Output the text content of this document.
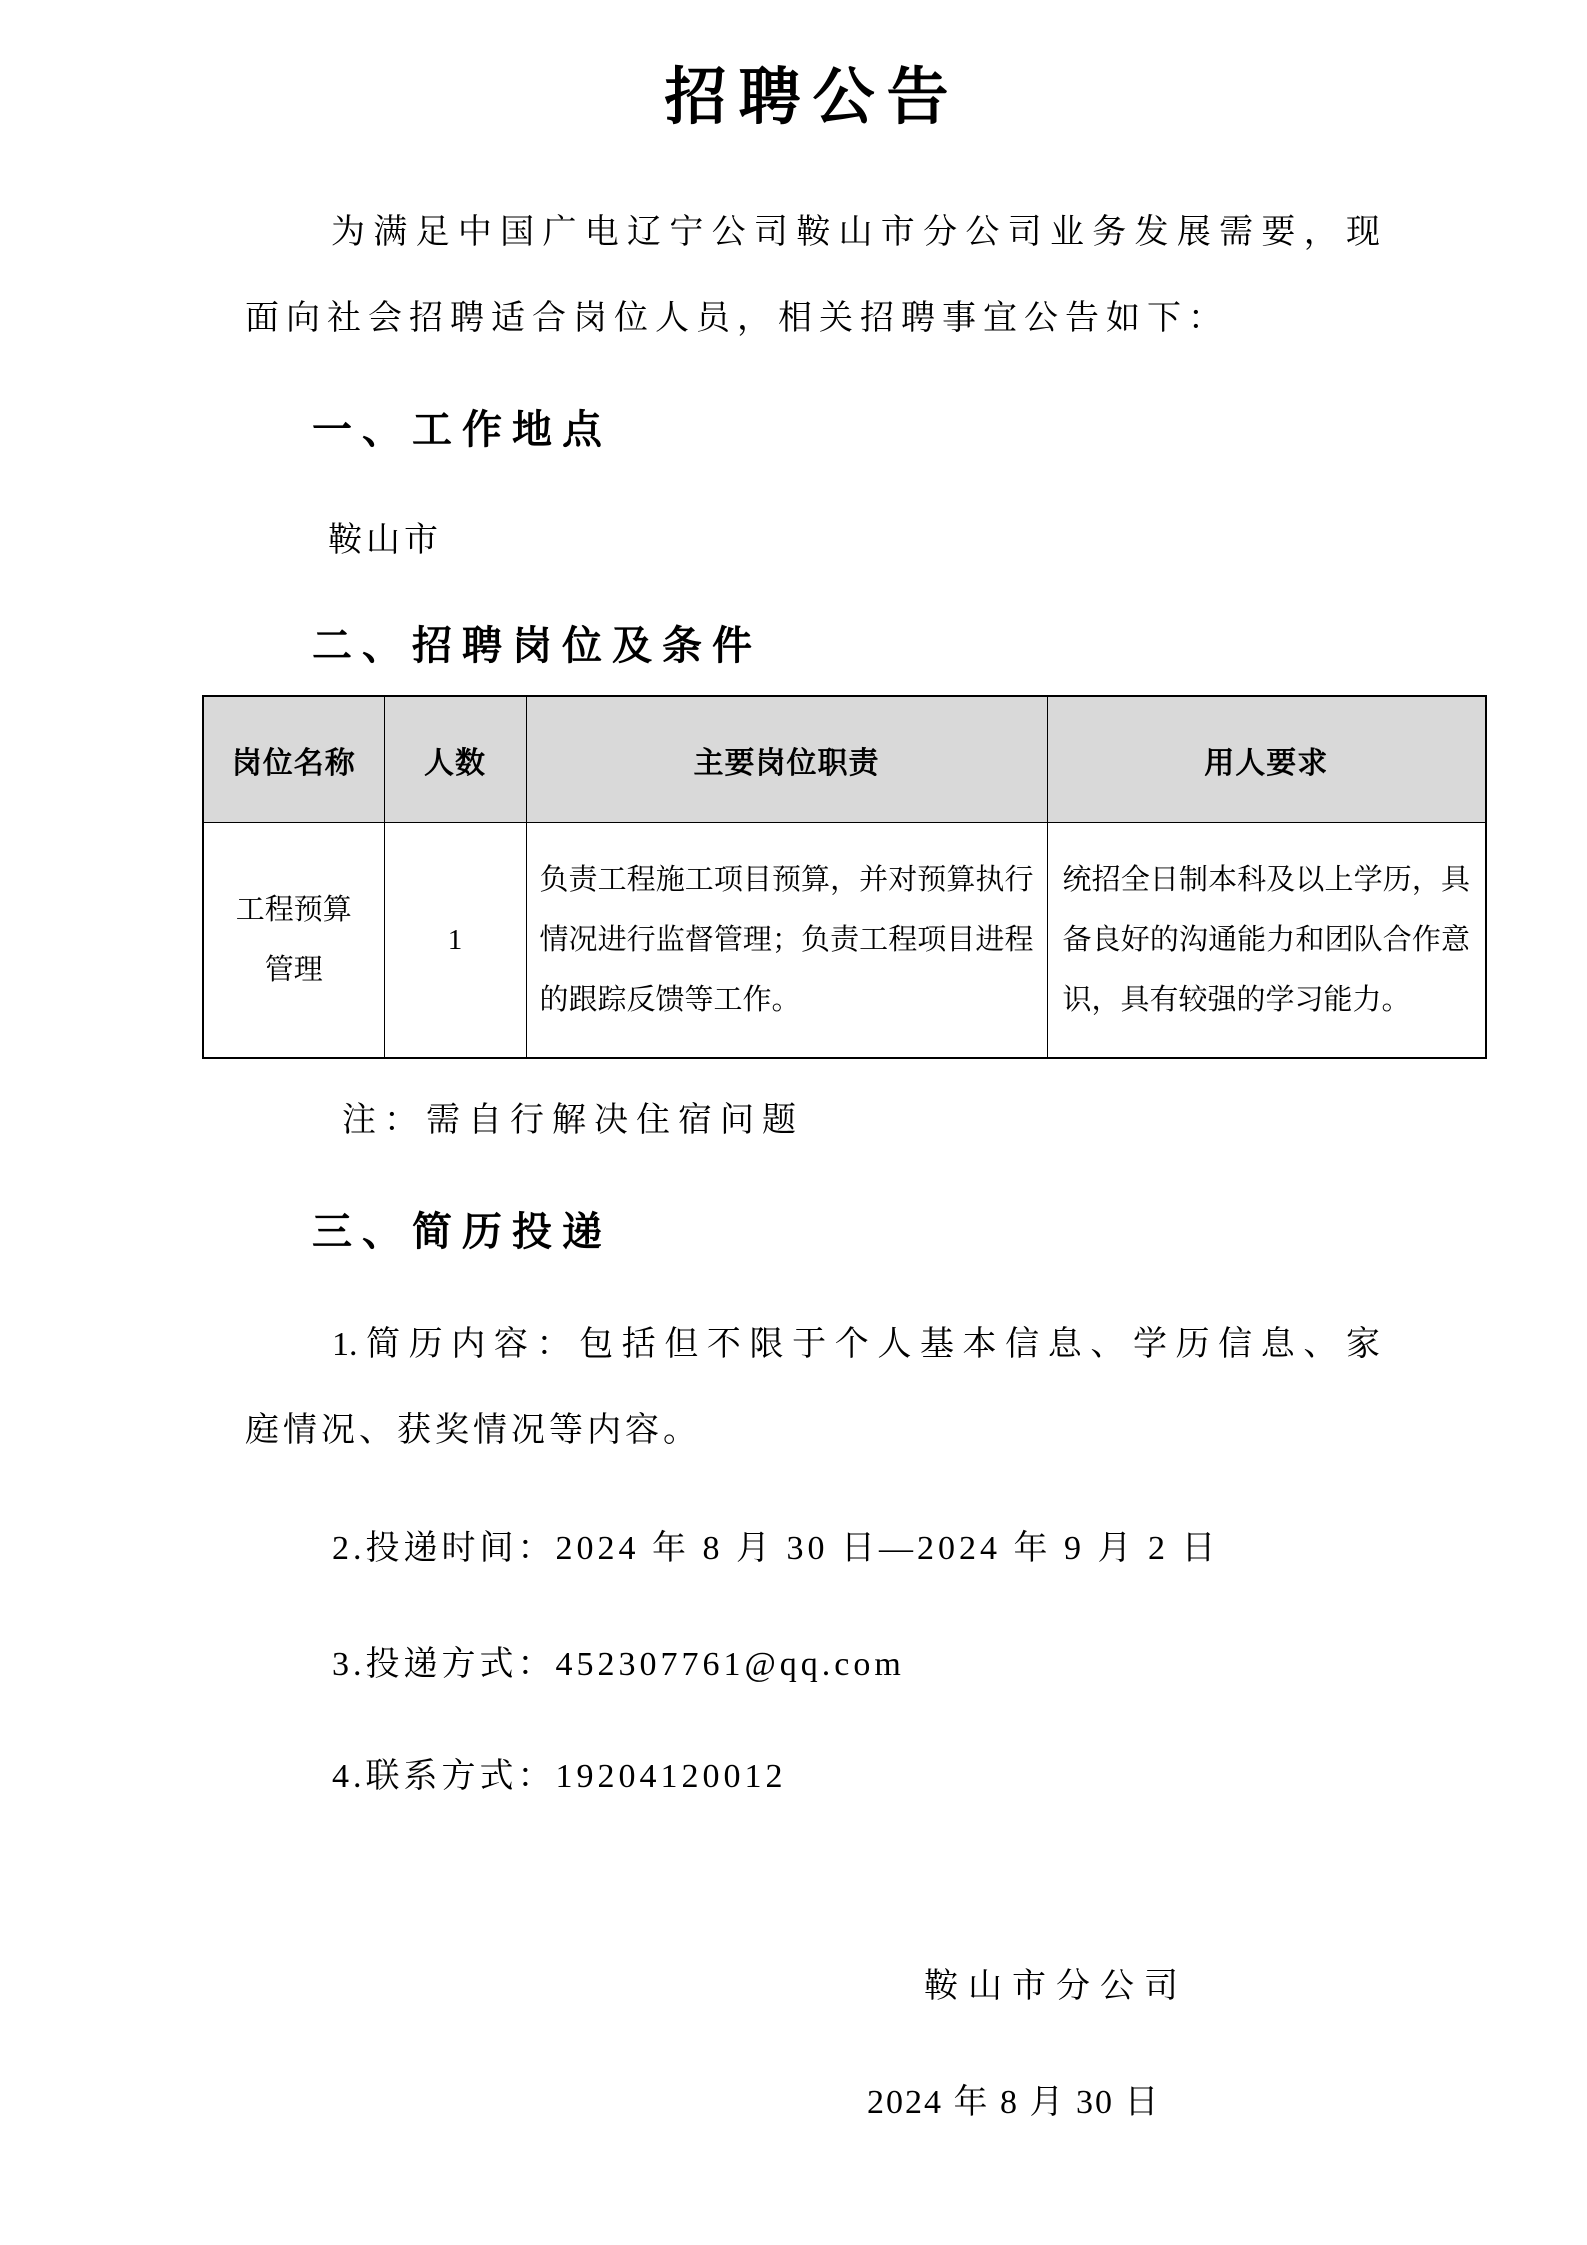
招聘公告
为满足中国广电辽宁公司鞍山市分公司业务发展需要，现
面向社会招聘适合岗位人员，相关招聘事宜公告如下：
一、工作地点
鞍山市
二、招聘岗位及条件
岗位名称	人数	主要岗位职责	用人要求
工程预算管理	1	负责工程施工项目预算，并对预算执行情况进行监督管理；负责工程项目进程的跟踪反馈等工作。	统招全日制本科及以上学历，具备良好的沟通能力和团队合作意识，具有较强的学习能力。
注：需自行解决住宿问题
三、简历投递
1.简历内容：包括但不限于个人基本信息、学历信息、家
庭情况、获奖情况等内容。
2.投递时间：2024 年 8 月 30 日—2024 年 9 月 2 日
3.投递方式：452307761@qq.com
4.联系方式：19204120012
鞍山市分公司
2024 年 8 月 30 日
